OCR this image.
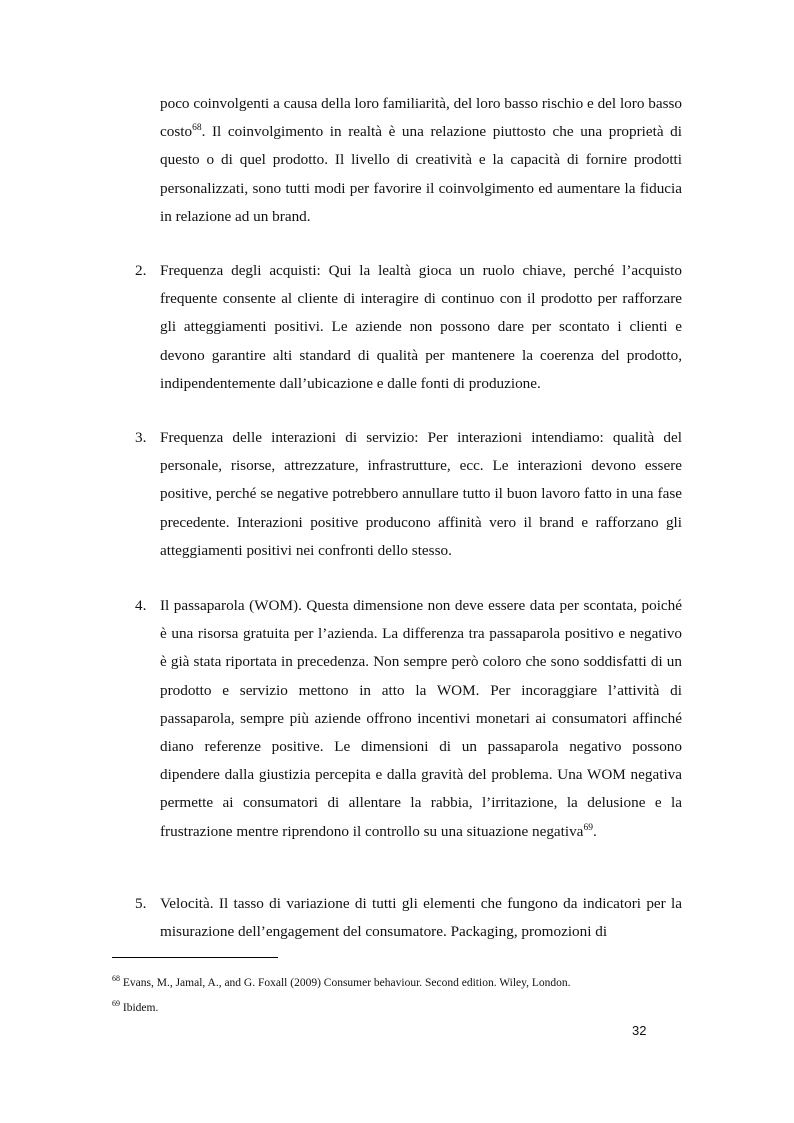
poco coinvolgenti a causa della loro familiarità, del loro basso rischio e del loro basso costo$^{68}$. Il coinvolgimento in realtà è una relazione piuttosto che una proprietà di questo o di quel prodotto. Il livello di creatività e la capacità di fornire prodotti personalizzati, sono tutti modi per favorire il coinvolgimento ed aumentare la fiducia in relazione ad un brand.

2. Frequenza degli acquisti: Qui la lealtà gioca un ruolo chiave, perché l’acquisto frequente consente al cliente di interagire di continuo con il prodotto per rafforzare gli atteggiamenti positivi. Le aziende non possono dare per scontato i clienti e devono garantire alti standard di qualità per mantenere la coerenza del prodotto, indipendentemente dall’ubicazione e dalle fonti di produzione.

3. Frequenza delle interazioni di servizio: Per interazioni intendiamo: qualità del personale, risorse, attrezzature, infrastrutture, ecc. Le interazioni devono essere positive, perché se negative potrebbero annullare tutto il buon lavoro fatto in una fase precedente. Interazioni positive producono affinità vero il brand e rafforzano gli atteggiamenti positivi nei confronti dello stesso.

4. Il passaparola (WOM). Questa dimensione non deve essere data per scontata, poiché è una risorsa gratuita per l’azienda. La differenza tra passaparola positivo e negativo è già stata riportata in precedenza. Non sempre però coloro che sono soddisfatti di un prodotto e servizio mettono in atto la WOM. Per incoraggiare l’attività di passaparola, sempre più aziende offrono incentivi monetari ai consumatori affinché diano referenze positive. Le dimensioni di un passaparola negativo possono dipendere dalla giustizia percepita e dalla gravità del problema. Una WOM negativa permette ai consumatori di allentare la rabbia, l’irritazione, la delusione e la frustrazione mentre riprendono il controllo su una situazione negativa$^{69}$.

5. Velocità. Il tasso di variazione di tutti gli elementi che fungono da indicatori per la misurazione dell’engagement del consumatore. Packaging, promozioni di

$^{68}$ Evans, M., Jamal, A., and G. Foxall (2009) Consumer behaviour. Second edition. Wiley, London.
$^{69}$ Ibidem.
32
